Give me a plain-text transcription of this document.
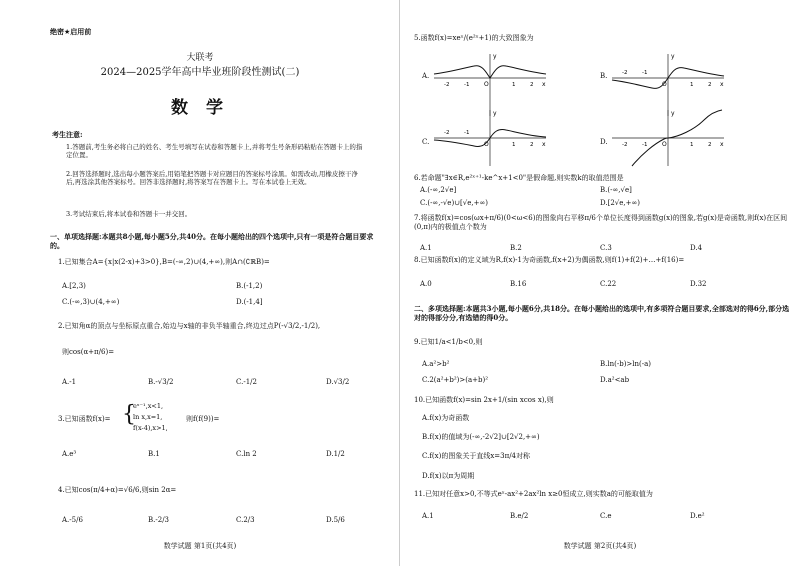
绝密★启用前
大联考
2024—2025学年高中毕业班阶段性测试(二)
数 学
考生注意:
1.答题前,考生务必将自己的姓名、考生号填写在试卷和答题卡上,并将考生号条形码粘贴在答题卡上的指定位置。
2.回答选择题时,选出每小题答案后,用铅笔把答题卡对应题目的答案标号涂黑。如需改动,用橡皮擦干净后,再选涂其他答案标号。回答非选择题时,将答案写在答题卡上。写在本试卷上无效。
3.考试结束后,将本试卷和答题卡一并交回。
一、单项选择题:本题共8小题,每小题5分,共40分。在每小题给出的四个选项中,只有一项是符合题目要求的。
1.已知集合A={x|x(2-x)+3>0},B=(-∞,2)∪(4,+∞),则A∩(∁ℝB)=
A.[2,3)	B.(-1,2)
C.(-∞,3)∪(4,+∞)	D.(-1,4]
2.已知角α的顶点与坐标原点重合,始边与x轴的非负半轴重合,终边过点P(-√3/2,-1/2),
则cos(α+π/6)=
A.-1	B.-√3/2	C.-1/2	D.√3/2
3.已知函数f(x)= {
eˣ⁻¹,x<1,
ln x,x=1,
f(x-4),x>1,
则f(f(9))=
A.e³	B.1	C.ln 2	D.1/2
4.已知cos(π/4+α)=√6/6,则sin 2α=
A.-5/6	B.-2/3	C.2/3	D.5/6
数学试题 第1页(共4页)
5.函数f(x)=xeˣ/(e²ˣ+1)的大致图象为
A.
x
y
O
-2	-1	1	2
B.
x
y
O
-2	-1
1	2
C.	x
y
O
-2	-1
1	2	D.	x
y
O
-2	-1	1	2
6.若命题"∃x∈R,e²ˣ⁺¹-ke^x+1<0"是假命题,则实数k的取值范围是
A.(-∞,2√e]	B.(-∞,√e]
C.(-∞,-√e)∪[√e,+∞)	D.[2√e,+∞)
7.将函数f(x)=cos(ωx+π/6)(0<ω<6)的图象向右平移π/6个单位长度得到函数g(x)的图象,若g(x)是奇函数,则f(x)在区间(0,π)内的极值点个数为
A.1	B.2	C.3	D.4
8.已知函数f(x)的定义域为R,f(x)-1为奇函数,f(x+2)为偶函数,则f(1)+f(2)+…+f(16)=
A.0	B.16	C.22	D.32
二、多项选择题:本题共3小题,每小题6分,共18分。在每小题给出的选项中,有多项符合题目要求,全部选对的得6分,部分选对的得部分分,有选错的得0分。
9.已知1/a<1/b<0,则
A.a²>b²	B.ln(-b)>ln(-a)
C.2(a²+b²)>(a+b)²	D.a²<ab
10.已知函数f(x)=sin 2x+1/(sin xcos x),则
A.f(x)为奇函数
B.f(x)的值域为(-∞,-2√2]∪[2√2,+∞)
C.f(x)的图象关于直线x=3π/4对称
D.f(x)以π为周期
11.已知对任意x>0,不等式eˣ-ax²+2ax²ln x≥0恒成立,则实数a的可能取值为
A.1	B.e/2	C.e	D.e²
数学试题 第2页(共4页)
